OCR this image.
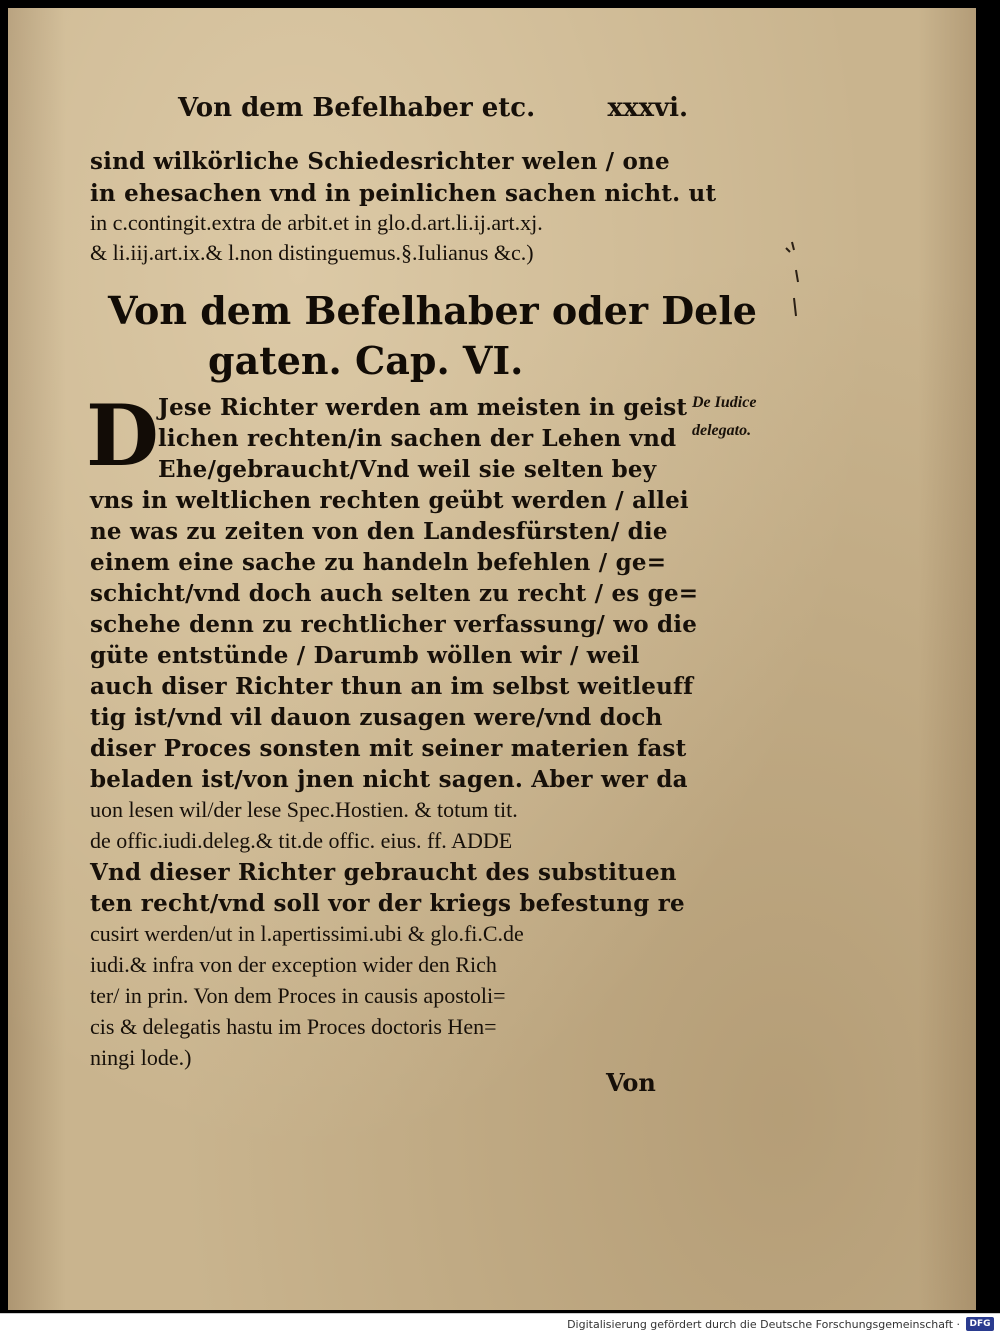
Von dem Befelhaber etc.	xxxvi.
sind wilkörliche Schiedesrichter welen / one
in ehesachen vnd in peinlichen sachen nicht. ut
in c.contingit.extra de arbit.et in glo.d.art.li.ij.art.xj.
& li.iij.art.ix.& l.non distinguemus.§.Iulianus &c.)
Von dem Befelhaber oder Dele
gaten. Cap. VI.
D Jese Richter werden am meisten in geist
lichen rechten/in sachen der Lehen vnd
Ehe/gebraucht/Vnd weil sie selten bey
vns in weltlichen rechten geübt werden / allei
ne was zu zeiten von den Landesfürsten/ die
einem eine sache zu handeln befehlen / ge=
schicht/vnd doch auch selten zu recht / es ge=
schehe denn zu rechtlicher verfassung/ wo die
güte entstünde / Darumb wöllen wir / weil
auch diser Richter thun an im selbst weitleuff
tig ist/vnd vil dauon zusagen were/vnd doch
diser Proces sonsten mit seiner materien fast
beladen ist/von jnen nicht sagen. Aber wer da
uon lesen wil/der lese Spec.Hostien. & totum tit.
de offic.iudi.deleg.& tit.de offic. eius. ff. ADDE
Vnd dieser Richter gebraucht des substituen
ten recht/vnd soll vor der kriegs befestung re
cusirt werden/ut in l.apertissimi.ubi & glo.fi.C.de
iudi.& infra von der exception wider den Rich
ter/ in prin. Von dem Proces in causis apostoli=
cis & delegatis hastu im Proces doctoris Hen=
ningi lode.)
De Iudice
delegato.
Von
Digitalisierung gefördert durch die Deutsche Forschungsgemeinschaft ·	DFG
